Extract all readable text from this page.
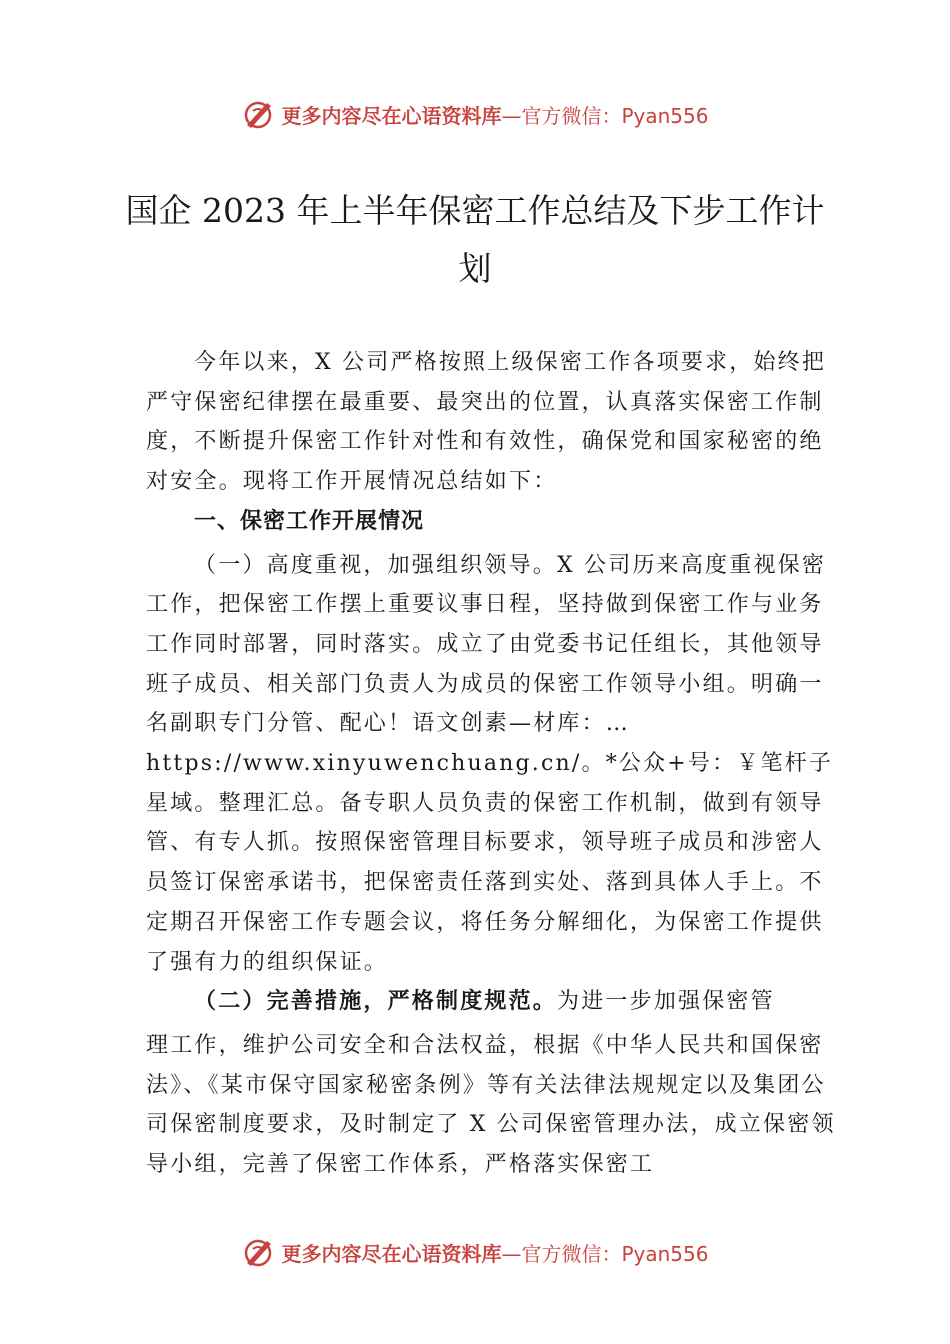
更多内容尽在心语资料库 —官方微信：Pyan556
国企 2023 年上半年保密工作总结及下步工作计划

今年以来，X 公司严格按照上级保密工作各项要求，始终把严守保密纪律摆在最重要、最突出的位置，认真落实保密工作制度，不断提升保密工作针对性和有效性，确保党和国家秘密的绝对安全。现将工作开展情况总结如下：

一、保密工作开展情况

（一）高度重视，加强组织领导。X 公司历来高度重视保密工作，把保密工作摆上重要议事日程，坚持做到保密工作与业务工作同时部署，同时落实。成立了由党委书记任组长，其他领导班子成员、相关部门负责人为成员的保密工作领导小组。明确一名副职专门分管、配心！语文创素—材库：…https://www.xinyuwenchuang.cn/。*公众+号：￥笔杆子星域。整理汇总。备专职人员负责的保密工作机制，做到有领导管、有专人抓。按照保密管理目标要求，领导班子成员和涉密人员签订保密承诺书，把保密责任落到实处、落到具体人手上。不定期召开保密工作专题会议，将任务分解细化，为保密工作提供了强有力的组织保证。

（二）完善措施，严格制度规范。为进一步加强保密管

理工作，维护公司安全和合法权益，根据《中华人民共和国保密法》、《某市保守国家秘密条例》等有关法律法规规定以及集团公司保密制度要求，及时制定了 X 公司保密管理办法，成立保密领导小组，完善了保密工作体系，严格落实保密工

更多内容尽在心语资料库 —官方微信：Pyan556
